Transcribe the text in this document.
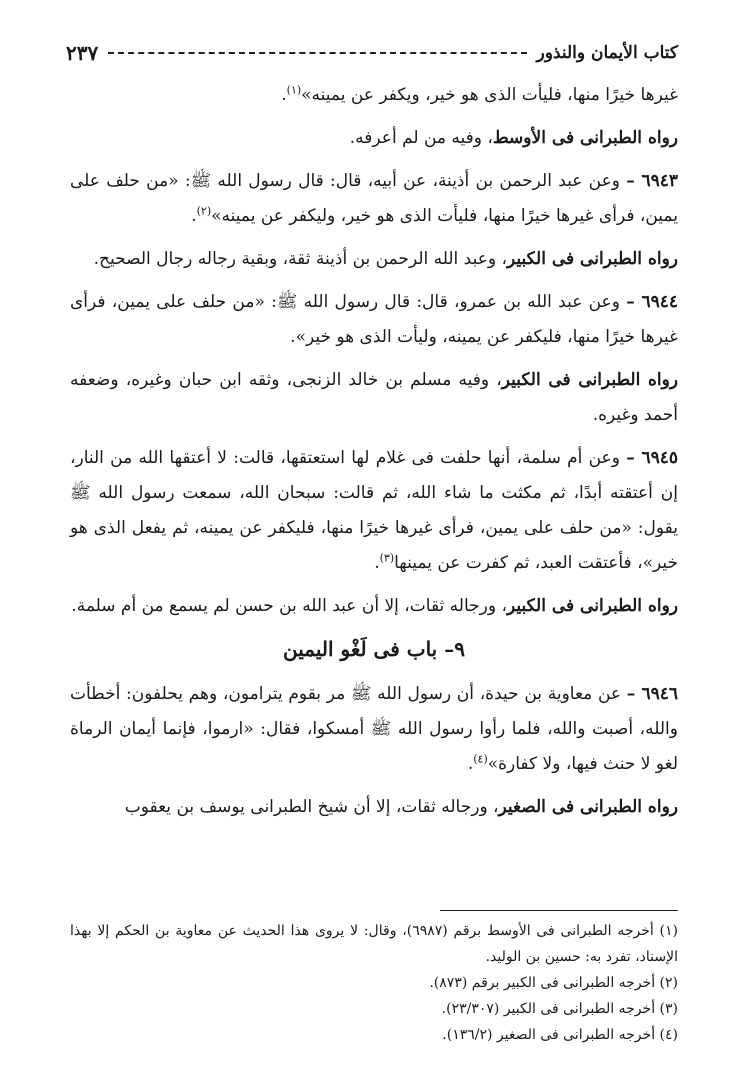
كتاب الأيمان والنذور
٢٣٧

غيرها خيرًا منها، فليأت الذى هو خير، ويكفر عن يمينه»$^{(١)}$.

رواه الطبرانى فى الأوسط، وفيه من لم أعرفه.

٦٩٤٣ – وعن عبد الرحمن بن أذينة، عن أبيه، قال: قال رسول الله ﷺ: «من حلف على يمين، فرأى غيرها خيرًا منها، فليأت الذى هو خير، وليكفر عن يمينه»$^{(٢)}$.

رواه الطبرانى فى الكبير، وعبد الله الرحمن بن أذينة ثقة، وبقية رجاله رجال الصحيح.

٦٩٤٤ – وعن عبد الله بن عمرو، قال: قال رسول الله ﷺ: «من حلف على يمين، فرأى غيرها خيرًا منها، فليكفر عن يمينه، وليأت الذى هو خير».

رواه الطبرانى فى الكبير، وفيه مسلم بن خالد الزنجى، وثقه ابن حبان وغيره، وضعفه أحمد وغيره.

٦٩٤٥ – وعن أم سلمة، أنها حلفت فى غلام لها استعتقها، قالت: لا أعتقها الله من النار، إن أعتقته أبدًا، ثم مكثت ما شاء الله، ثم قالت: سبحان الله، سمعت رسول الله ﷺ يقول: «من حلف على يمين، فرأى غيرها خيرًا منها، فليكفر عن يمينه، ثم يفعل الذى هو خير»، فأعتقت العبد، ثم كفرت عن يمينها$^{(٣)}$.

رواه الطبرانى فى الكبير، ورجاله ثقات، إلا أن عبد الله بن حسن لم يسمع من أم سلمة.

٩– باب فى لَغْو اليمين

٦٩٤٦ – عن معاوية بن حيدة، أن رسول الله ﷺ مر بقوم يترامون، وهم يحلفون: أخطأت والله، أصبت والله، فلما رأوا رسول الله ﷺ أمسكوا، فقال: «ارموا، فإنما أيمان الرماة لغو لا حنث فيها، ولا كفارة»$^{(٤)}$.

رواه الطبرانى فى الصغير، ورجاله ثقات، إلا أن شيخ الطبرانى يوسف بن يعقوب

(١) أخرجه الطبرانى فى الأوسط برقم (٦٩٨٧)، وقال: لا يروى هذا الحديث عن معاوية بن الحكم إلا بهذا الإسناد، تفرد به: حسين بن الوليد.

(٢) أخرجه الطبرانى فى الكبير برقم (٨٧٣).

(٣) أخرجه الطبرانى فى الكبير (٢٣/٣٠٧).

(٤) أخرجه الطبرانى فى الصغير (١٣٦/٢).
